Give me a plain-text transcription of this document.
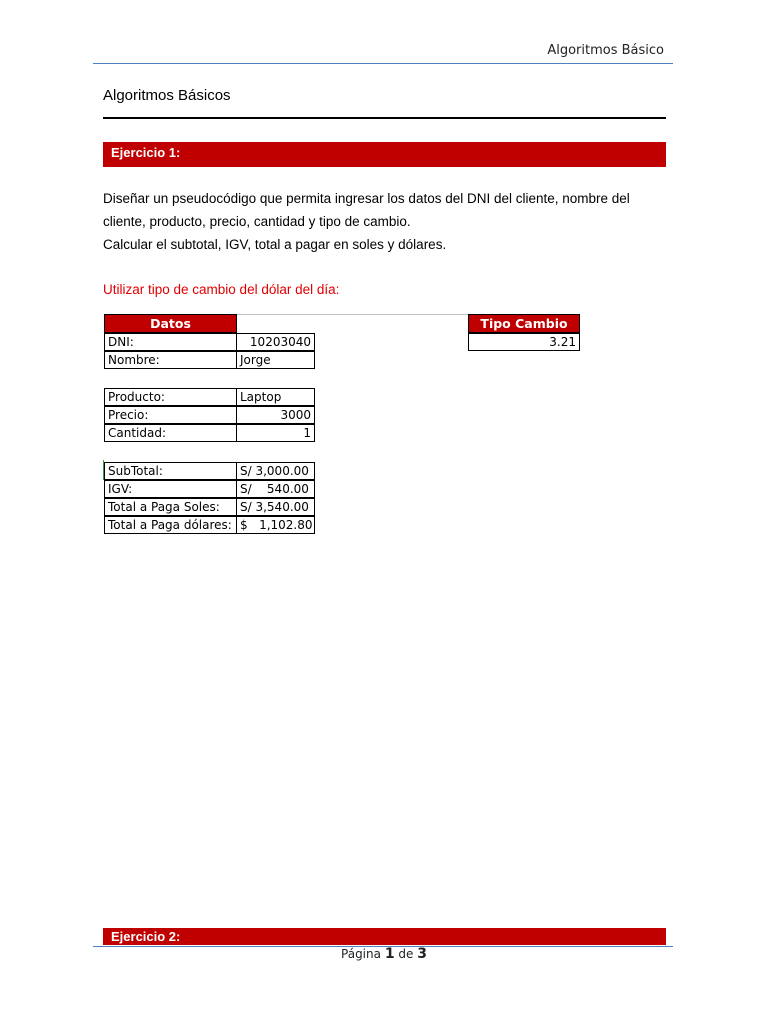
Algoritmos Básico
Algoritmos Básicos
Ejercicio 1:
Diseñar un pseudocódigo que permita ingresar los datos del DNI del cliente, nombre del
cliente, producto, precio, cantidad y tipo de cambio.
Calcular el subtotal, IGV, total a pagar en soles y dólares.
Utilizar tipo de cambio del dólar del día:
Datos
DNI:	10203040
Nombre:	Jorge
Producto:	Laptop
Precio:	3000
Cantidad:	1
SubTotal:	S/ 3,000.00
IGV:	S/    540.00
Total a Paga Soles:	S/ 3,540.00
Total a Paga dólares: $   1,102.80
Tipo Cambio
3.21
Ejercicio 2:
Página 1 de 3
